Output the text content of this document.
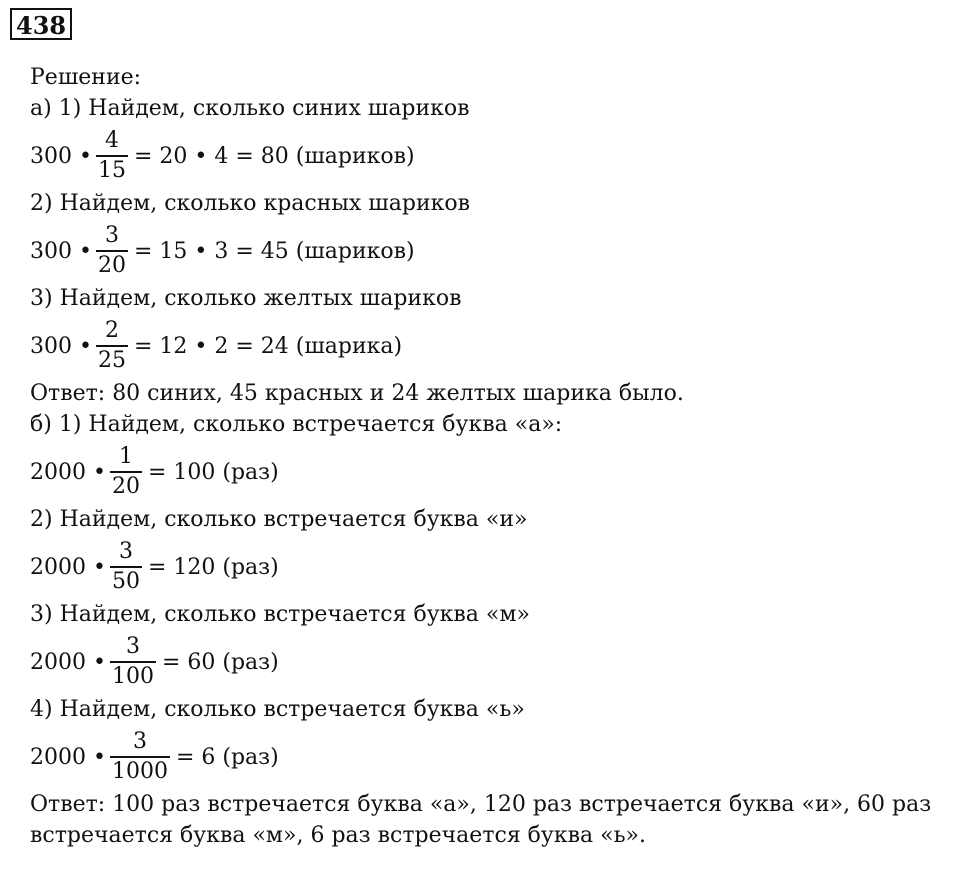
438
Решение:
а) 1) Найдем, сколько синих шариков
300 • $\frac{4}{15} = 20$ • 4 = 80 (шариков)
2) Найдем, сколько красных шариков
300 • $\frac{3}{20} = 15$ • 3 = 45 (шариков)
3) Найдем, сколько желтых шариков
300 • $\frac{2}{25} = 12$ • 2 = 24 (шарика)
Ответ: 80 синих, 45 красных и 24 желтых шарика было.
б) 1) Найдем, сколько встречается буква «а»:
2000 • $\frac{1}{20} = 100$ (раз)
2) Найдем, сколько встречается буква «и»
2000 • $\frac{3}{50} = 120$ (раз)
3) Найдем, сколько встречается буква «м»
2000 • $\frac{3}{100} = 60$ (раз)
4) Найдем, сколько встречается буква «ь»
2000 • $\frac{3}{1000} = 6$ (раз)
Ответ: 100 раз встречается буква «а», 120 раз встречается буква «и», 60 раз встречается буква «м», 6 раз встречается буква «ь».
